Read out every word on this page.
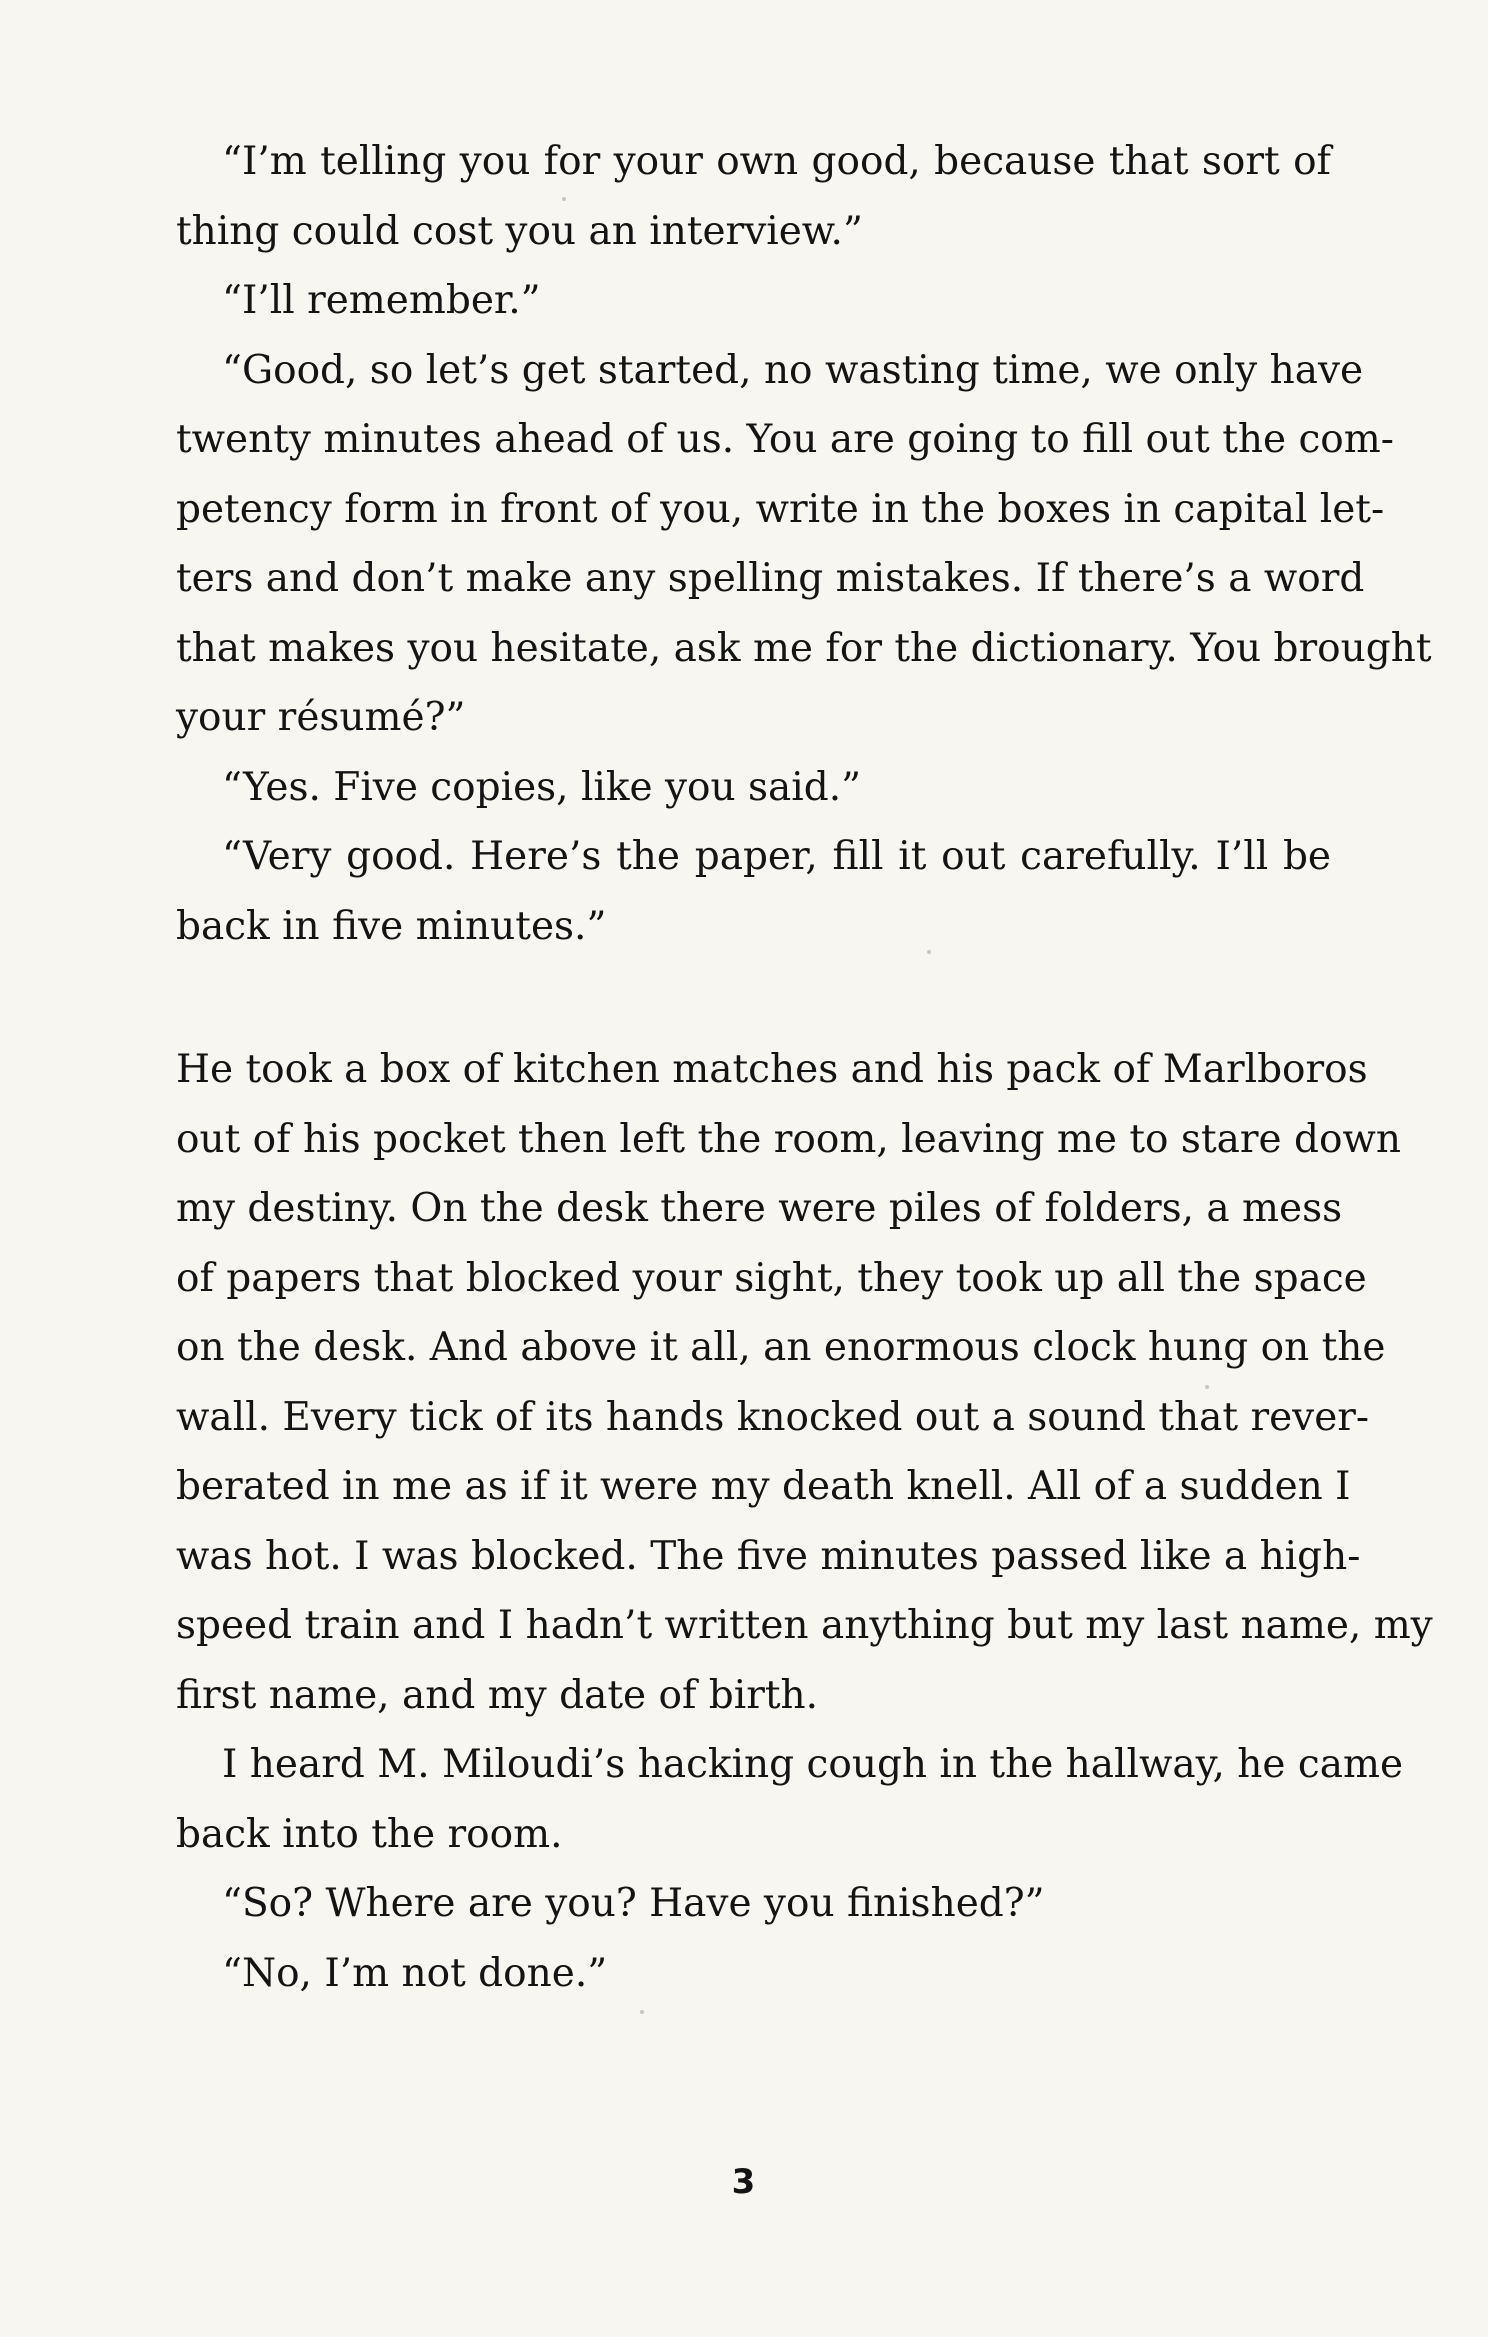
“I’m telling you for your own good, because that sort of
thing could cost you an interview.”
“I’ll remember.”
“Good, so let’s get started, no wasting time, we only have
twenty minutes ahead of us. You are going to fill out the com-
petency form in front of you, write in the boxes in capital let-
ters and don’t make any spelling mistakes. If there’s a word
that makes you hesitate, ask me for the dictionary. You brought
your résumé?”
“Yes. Five copies, like you said.”
“Very good. Here’s the paper, fill it out carefully. I’ll be
back in five minutes.”
He took a box of kitchen matches and his pack of Marlboros
out of his pocket then left the room, leaving me to stare down
my destiny. On the desk there were piles of folders, a mess
of papers that blocked your sight, they took up all the space
on the desk. And above it all, an enormous clock hung on the
wall. Every tick of its hands knocked out a sound that rever-
berated in me as if it were my death knell. All of a sudden I
was hot. I was blocked. The five minutes passed like a high-
speed train and I hadn’t written anything but my last name, my
first name, and my date of birth.
I heard M. Miloudi’s hacking cough in the hallway, he came
back into the room.
“So? Where are you? Have you finished?”
“No, I’m not done.”
3
